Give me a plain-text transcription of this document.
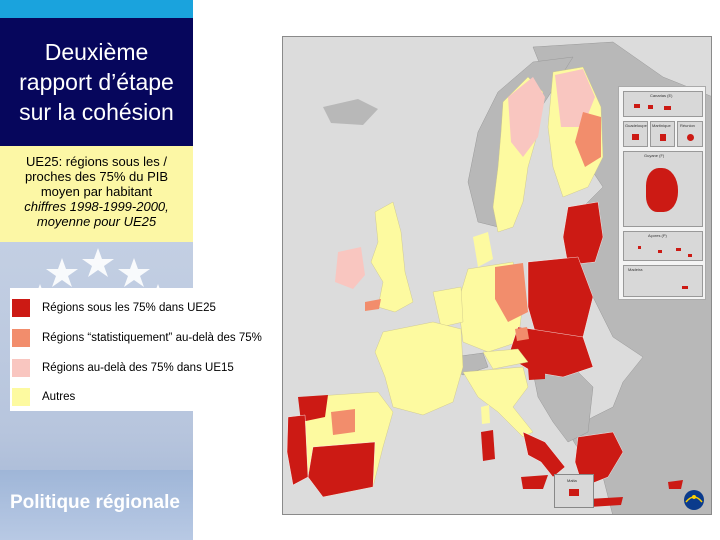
Deuxième
rapport d’étape
sur la cohésion
UE25: régions sous les /
proches des 75% du PIB
moyen par habitant
chiffres 1998-1999-2000,
moyenne pour UE25
Régions sous les 75% dans UE25
Régions “statistiquement” au-delà des 75%
Régions au-delà des 75% dans UE15
Autres
Politique régionale
Canarias (E)
Guadeloupe Martinique Réunion
Guyane (F)
Açores (P)
Madeira
Malta
